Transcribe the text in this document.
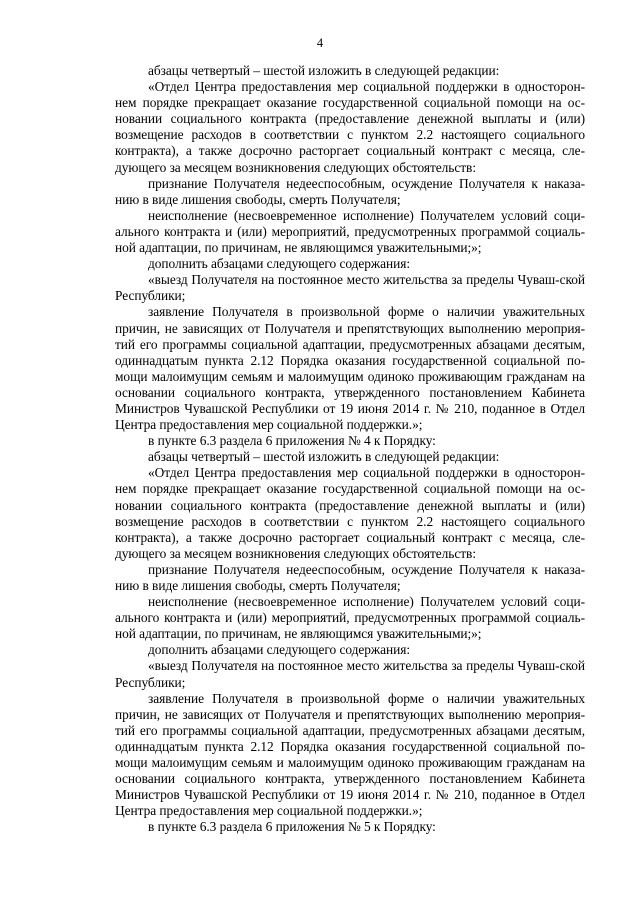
4

абзацы четвертый – шестой изложить в следующей редакции:

«Отдел Центра предоставления мер социальной поддержки в односторон-нем порядке прекращает оказание государственной социальной помощи на ос-новании социального контракта (предоставление денежной выплаты и (или) возмещение расходов в соответствии с пунктом 2.2 настоящего социального контракта), а также досрочно расторгает социальный контракт с месяца, сле-дующего за месяцем возникновения следующих обстоятельств:

признание Получателя недееспособным, осуждение Получателя к наказа-нию в виде лишения свободы, смерть Получателя;

неисполнение (несвоевременное исполнение) Получателем условий соци-ального контракта и (или) мероприятий, предусмотренных программой социаль-ной адаптации, по причинам, не являющимся уважительными;»;

дополнить абзацами следующего содержания:

«выезд Получателя на постоянное место жительства за пределы Чуваш-ской Республики;

заявление Получателя в произвольной форме о наличии уважительных причин, не зависящих от Получателя и препятствующих выполнению мероприя-тий его программы социальной адаптации, предусмотренных абзацами десятым, одиннадцатым пункта 2.12 Порядка оказания государственной социальной по-мощи малоимущим семьям и малоимущим одиноко проживающим гражданам на основании социального контракта, утвержденного постановлением Кабинета Министров Чувашской Республики от 19 июня 2014 г. № 210, поданное в Отдел Центра предоставления мер социальной поддержки.»;

в пункте 6.3 раздела 6 приложения № 4 к Порядку:

абзацы четвертый – шестой изложить в следующей редакции:

«Отдел Центра предоставления мер социальной поддержки в односторон-нем порядке прекращает оказание государственной социальной помощи на ос-новании социального контракта (предоставление денежной выплаты и (или) возмещение расходов в соответствии с пунктом 2.2 настоящего социального контракта), а также досрочно расторгает социальный контракт с месяца, сле-дующего за месяцем возникновения следующих обстоятельств:

признание Получателя недееспособным, осуждение Получателя к наказа-нию в виде лишения свободы, смерть Получателя;

неисполнение (несвоевременное исполнение) Получателем условий соци-ального контракта и (или) мероприятий, предусмотренных программой социаль-ной адаптации, по причинам, не являющимся уважительными;»;

дополнить абзацами следующего содержания:

«выезд Получателя на постоянное место жительства за пределы Чуваш-ской Республики;

заявление Получателя в произвольной форме о наличии уважительных причин, не зависящих от Получателя и препятствующих выполнению мероприя-тий его программы социальной адаптации, предусмотренных абзацами десятым, одиннадцатым пункта 2.12 Порядка оказания государственной социальной по-мощи малоимущим семьям и малоимущим одиноко проживающим гражданам на основании социального контракта, утвержденного постановлением Кабинета Министров Чувашской Республики от 19 июня 2014 г. № 210, поданное в Отдел Центра предоставления мер социальной поддержки.»;

в пункте 6.3 раздела 6 приложения № 5 к Порядку:
